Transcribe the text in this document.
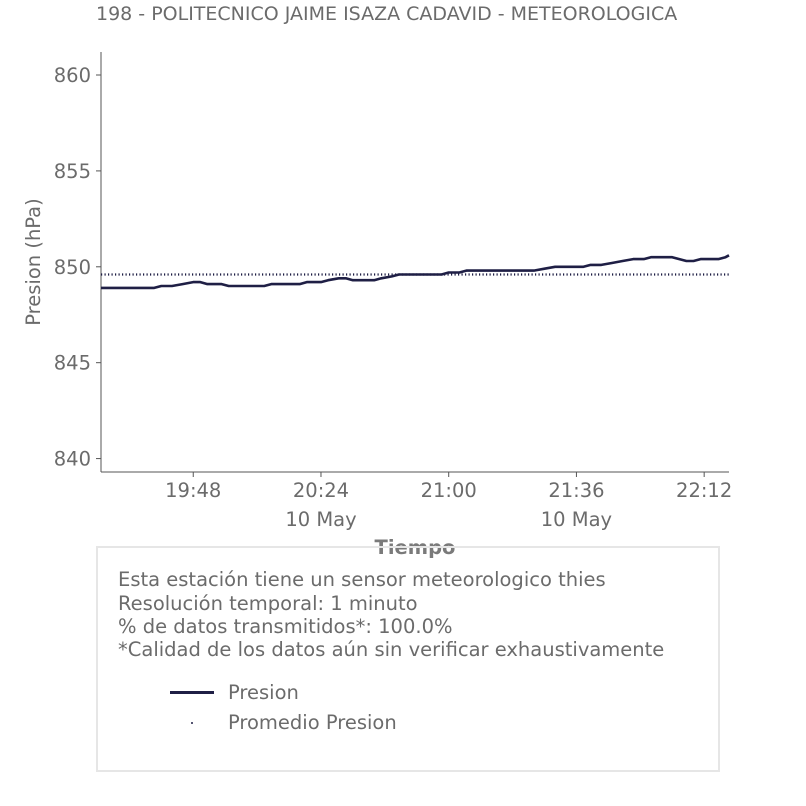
198 - POLITECNICO JAIME ISAZA CADAVID - METEOROLOGICA
840
845
850
855
860
19:48	20:24
10 May
21:00	21:36
10 May
22:12
Presion (hPa)
Tiempo
Esta estación tiene un sensor meteorologico thies
Resolución temporal: 1 minuto
% de datos transmitidos*: 100.0%
*Calidad de los datos aún sin verificar exhaustivamente
Presion
Promedio Presion
